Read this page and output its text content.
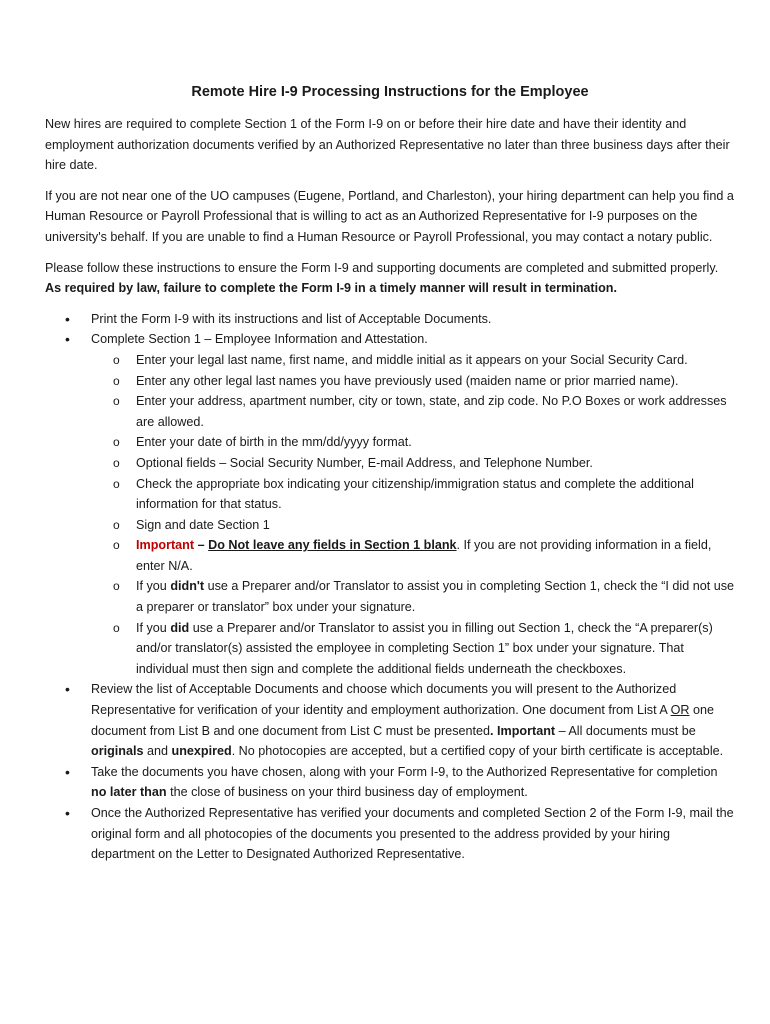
Remote Hire I-9 Processing Instructions for the Employee

New hires are required to complete Section 1 of the Form I-9 on or before their hire date and have their identity and employment authorization documents verified by an Authorized Representative no later than three business days after their hire date.

If you are not near one of the UO campuses (Eugene, Portland, and Charleston), your hiring department can help you find a Human Resource or Payroll Professional that is willing to act as an Authorized Representative for I-9 purposes on the university's behalf. If you are unable to find a Human Resource or Payroll Professional, you may contact a notary public.

Please follow these instructions to ensure the Form I-9 and supporting documents are completed and submitted properly.  As required by law, failure to complete the Form I-9 in a timely manner will result in termination.

• Print the Form I-9 with its instructions and list of Acceptable Documents.
• Complete Section 1 – Employee Information and Attestation.
o Enter your legal last name, first name, and middle initial as it appears on your Social Security Card.
o Enter any other legal last names you have previously used (maiden name or prior married name).
o Enter your address, apartment number, city or town, state, and zip code. No P.O Boxes or work addresses are allowed.
o Enter your date of birth in the mm/dd/yyyy format.
o Optional fields – Social Security Number, E-mail Address, and Telephone Number.
o Check the appropriate box indicating your citizenship/immigration status and complete the additional information for that status.
o Sign and date Section 1
o Important – Do Not leave any fields in Section 1 blank. If you are not providing information in a field, enter N/A.
o If you didn't use a Preparer and/or Translator to assist you in completing Section 1, check the “I did not use a preparer or translator” box under your signature.
o If you did use a Preparer and/or Translator to assist you in filling out Section 1, check the “A preparer(s) and/or translator(s) assisted the employee in completing Section 1” box under your signature. That individual must then sign and complete the additional fields underneath the checkboxes.
• Review the list of Acceptable Documents and choose which documents you will present to the Authorized Representative for verification of your identity and employment authorization. One document from List A OR one document from List B and one document from List C must be presented. Important – All documents must be originals and unexpired. No photocopies are accepted, but a certified copy of your birth certificate is acceptable.
• Take the documents you have chosen, along with your Form I-9, to the Authorized Representative for completion no later than the close of business on your third business day of employment.
• Once the Authorized Representative has verified your documents and completed Section 2 of the Form I-9, mail the original form and all photocopies of the documents you presented to the address provided by your hiring department on the Letter to Designated Authorized Representative.
